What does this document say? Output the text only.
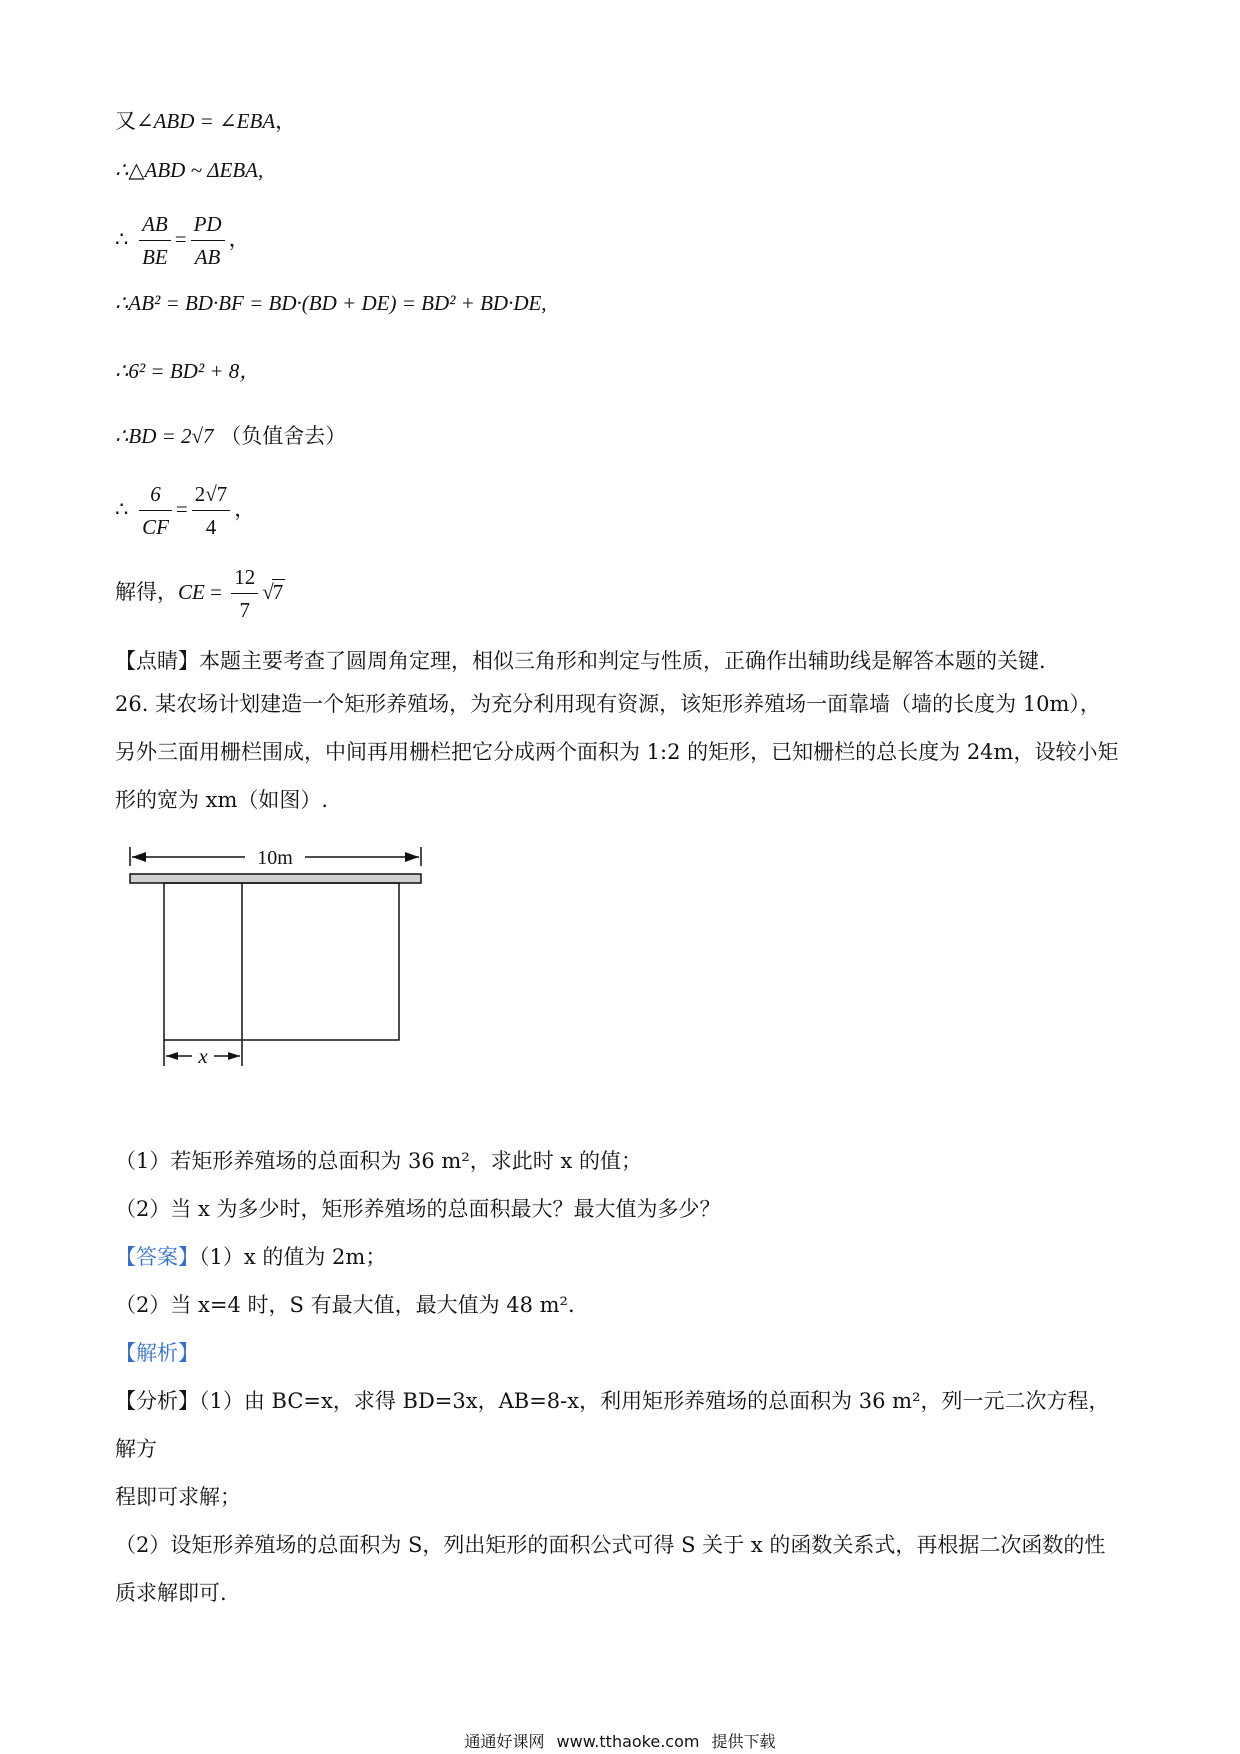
又∠ABD = ∠EBA，
∴△ABD ~ ΔEBA,
∴ $\frac{AB}{BE} = \frac{PD}{AB}$ ，
∴AB² = BD·BF = BD·(BD + DE) = BD² + BD·DE,
∴6² = BD² + 8，
∴BD = 2√7 （负值舍去）
∴ $\frac{6}{CF} = \frac{2√7}{4}$ ，
解得，CE = $\frac{12}{7} √7$
【点睛】本题主要考查了圆周角定理，相似三角形和判定与性质，正确作出辅助线是解答本题的关键．
26. 某农场计划建造一个矩形养殖场，为充分利用现有资源，该矩形养殖场一面靠墙（墙的长度为 10m），
另外三面用栅栏围成，中间再用栅栏把它分成两个面积为 1:2 的矩形，已知栅栏的总长度为 24m，设较小矩
形的宽为 xm（如图）.
10m
x
（1）若矩形养殖场的总面积为 36 m²，求此时 x 的值；
（2）当 x 为多少时，矩形养殖场的总面积最大？最大值为多少？
【答案】（1）x 的值为 2m；
（2）当 x=4 时，S 有最大值，最大值为 48 m²．
【解析】
【分析】（1）由 BC=x，求得 BD=3x，AB=8-x，利用矩形养殖场的总面积为 36 m²，列一元二次方程，解方
程即可求解；
（2）设矩形养殖场的总面积为 S，列出矩形的面积公式可得 S 关于 x 的函数关系式，再根据二次函数的性
质求解即可.
通通好课网 www.tthaoke.com 提供下载
